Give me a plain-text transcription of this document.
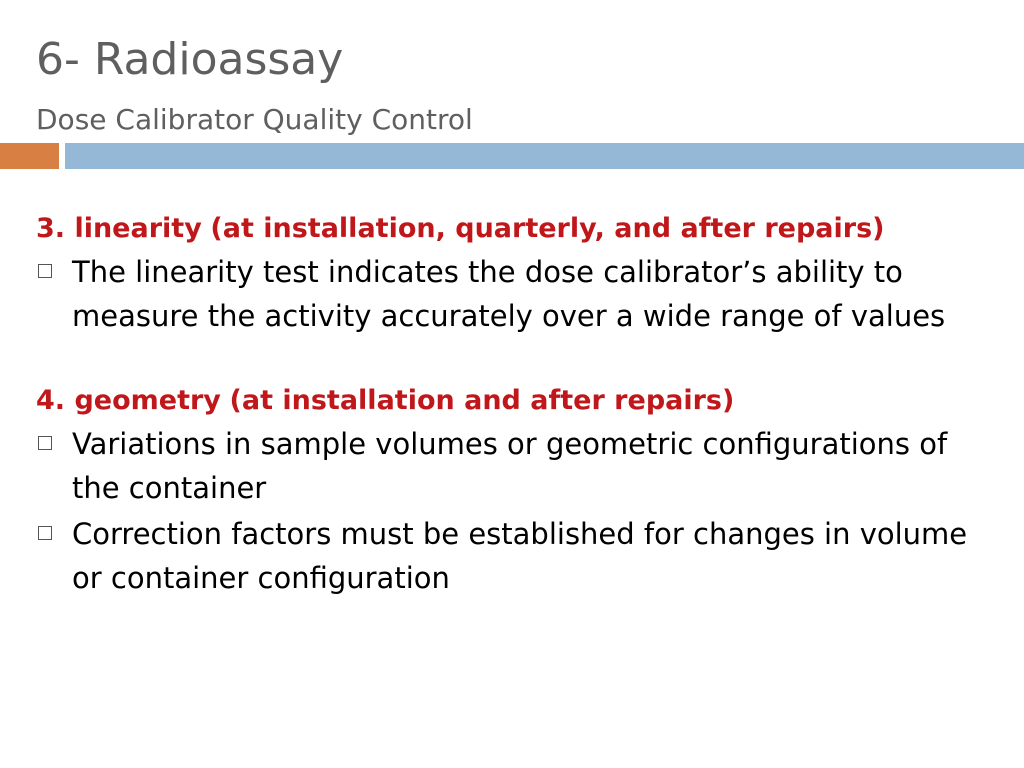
6- Radioassay
Dose Calibrator Quality Control
3. linearity (at installation, quarterly, and after repairs)
The linearity test indicates the dose calibrator’s ability to measure the activity accurately over a wide range of values
4. geometry (at installation and after repairs)
Variations in sample volumes or geometric configurations of the container
Correction factors must be established for changes in volume or container configuration
